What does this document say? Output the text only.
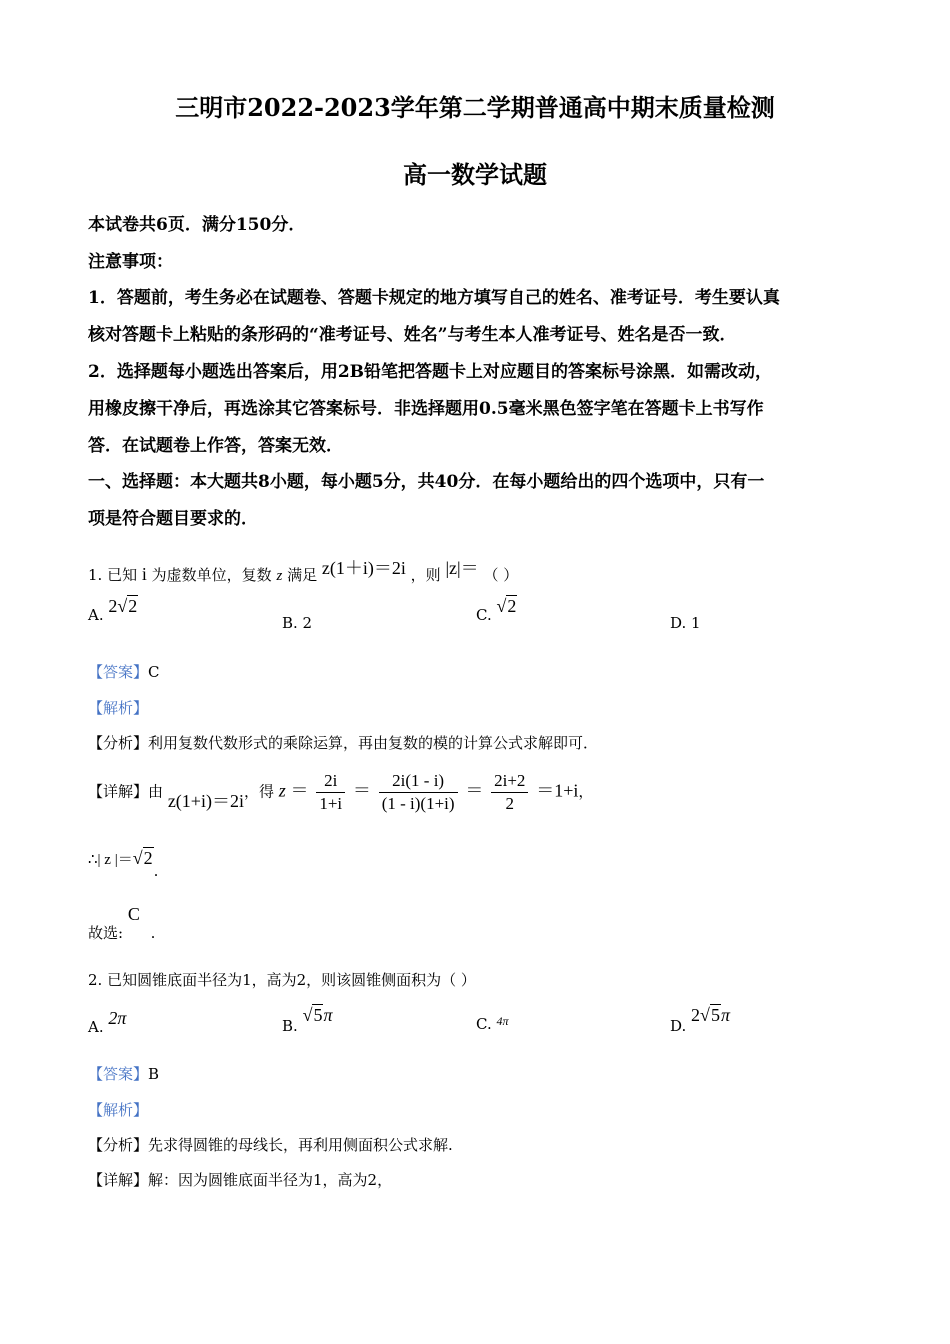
三明市2022-2023学年第二学期普通高中期末质量检测
高一数学试题
本试卷共6页．满分150分．
注意事项：
1．答题前，考生务必在试题卷、答题卡规定的地方填写自己的姓名、准考证号．考生要认真
核对答题卡上粘贴的条形码的“准考证号、姓名”与考生本人准考证号、姓名是否一致．
2．选择题每小题选出答案后，用2B铅笔把答题卡上对应题目的答案标号涂黑．如需改动，
用橡皮擦干净后，再选涂其它答案标号．非选择题用0.5毫米黑色签字笔在答题卡上书写作
答．在试题卷上作答，答案无效．
一、选择题：本大题共8小题，每小题5分，共40分．在每小题给出的四个选项中，只有一
项是符合题目要求的．
1. 已知 i 为虚数单位，复数 z 满足 z(1＋i)＝2i ，则 |z|＝ （ ）
A. 2√2
B. 2	C. √2
D. 1
【答案】C
【解析】
【分析】利用复数代数形式的乘除运算，再由复数的模的计算公式求解即可．
【详解】由 z(1+i)＝2i，得 $z = \frac{2i}{1+i} = \frac{2i(1 - i)}{(1 - i)(1+i)} = \frac{2i+2}{2} =1+i$，
∴| z |＝√2.
故选: C .
2. 已知圆锥底面半径为1，高为2，则该圆锥侧面积为（ ）
A. 2π	B. √5π	C. $^{4\pi}$	D. 2√5π
【答案】B
【解析】
【分析】先求得圆锥的母线长，再利用侧面积公式求解.
【详解】解：因为圆锥底面半径为1，高为2，
